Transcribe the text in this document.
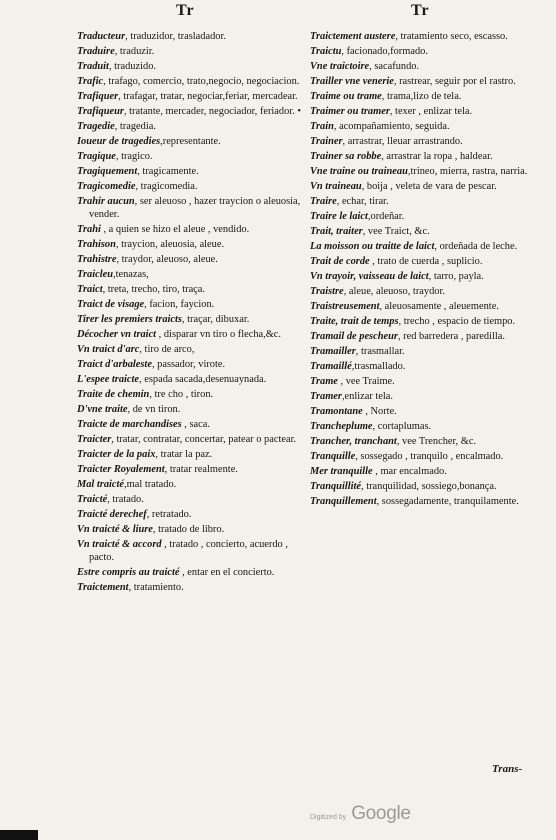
Tr	Tr
Traducteur, traduzidor, trasladador.
Traduire, traduzir.
Traduit, traduzido.
Trafic, trafago, comercio, trato,negocio, negociacion.
Trafiquer, trafagar, tratar, negociar,feriar, mercadear.
Trafiqueur, tratante, mercader, negociador, feriador. •
Tragedie, tragedia.
Ioueur de tragedies,representante.
Tragique, tragico.
Tragiquement, tragicamente.
Tragicomedie, tragicomedia.
Trahir aucun, ser aleuoso , hazer traycion o aleuosia, vender.
Trahi , a quien se hizo el aleue , vendido.
Trahison, traycion, aleuosia, aleue.
Trahistre, traydor, aleuoso, aleue.
Traicleu,tenazas,
Traict, treta, trecho, tiro, traça.
Traict de visage, facion, faycion.
Tirer les premiers traicts, traçar, dibuxar.
Décocher vn traict , disparar vn tiro o flecha,&c.
Vn traict d'arc, tiro de arco,
Traict d'arbaleste, passador, virote.
L'espee traicte, espada sacada,desenuaynada.
Traite de chemin, tre cho , tiron.
D'vne traite, de vn tiron.
Traicte de marchandises , saca.
Traicter, tratar, contratar, concertar, patear o pactear.
Traicter de la paix, tratar la paz.
Traicter Royalement, tratar realmente.
Mal traicté,mal tratado.
Traicté, tratado.
Traicté derechef, retratado.
Vn traicté & liure, tratado de libro.
Vn traicté & accord , tratado , concierto, acuerdo , pacto.
Estre compris au traicté , entar en el concierto.
Traictement, tratamiento.
Traictement austere, tratamiento seco, escasso.
Traictu, facionado,formado.
Vne traictoire, sacafundo.
Trailler vne venerie, rastrear, seguir por el rastro.
Traime ou trame, trama,lizo de tela.
Traimer ou tramer, texer , enlizar tela.
Train, acompañamiento, seguida.
Trainer, arrastrar, lleuar arrastrando.
Trainer sa robbe, arrastrar la ropa , haldear.
Vne traine ou traineau,trineo, mierra, rastra, narria.
Vn traineau, boija , veleta de vara de pescar.
Traire, echar, tirar.
Traire le laict,ordeñar.
Trait, traiter, vee Traict, &c.
La moisson ou traitte de laict, ordeñada de leche.
Trait de corde , trato de cuerda , suplicio.
Vn trayoir, vaisseau de laict, tarro, payla.
Traistre, aleue, aleuoso, traydor.
Traistreusement, aleuosamente , aleuemente.
Traite, trait de temps, trecho , espacio de tiempo.
Tramail de pescheur, red barredera , paredilla.
Tramailler, trasmallar.
Tramaillé,trasmallado.
Trame , vee Traime.
Tramer,enlizar tela.
Tramontane , Norte.
Trancheplume, cortaplumas.
Trancher, tranchant, vee Trencher, &c.
Tranquille, sossegado , tranquilo , encalmado.
Mer tranquille , mar encalmado.
Tranquillité, tranquilidad, sossiego,bonança.
Tranquillement, sossegadamente, tranquilamente.
Trans-
Digitized by Google
